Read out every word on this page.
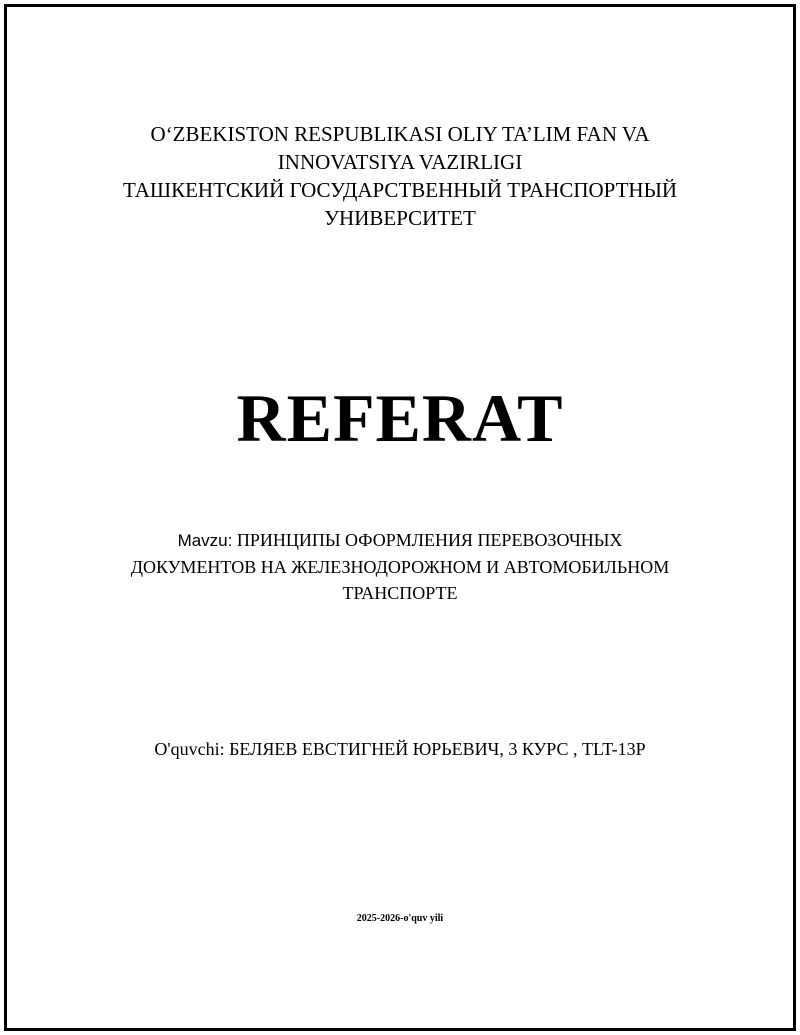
O‘ZBEKISTON RESPUBLIKASI OLIY TA’LIM FAN VA
INNOVATSIYA VAZIRLIGI
ТАШКЕНТСКИЙ ГОСУДАРСТВЕННЫЙ ТРАНСПОРТНЫЙ
УНИВЕРСИТЕТ
REFERAT
Mavzu: ПРИНЦИПЫ ОФОРМЛЕНИЯ ПЕРЕВОЗОЧНЫХ
ДОКУМЕНТОВ НА ЖЕЛЕЗНОДОРОЖНОМ И АВТОМОБИЛЬНОМ
ТРАНСПОРТЕ
O'quvchi: БЕЛЯЕВ ЕВСТИГНЕЙ ЮРЬЕВИЧ, 3 КУРС , TLT-13P
2025-2026-o'quv yili
